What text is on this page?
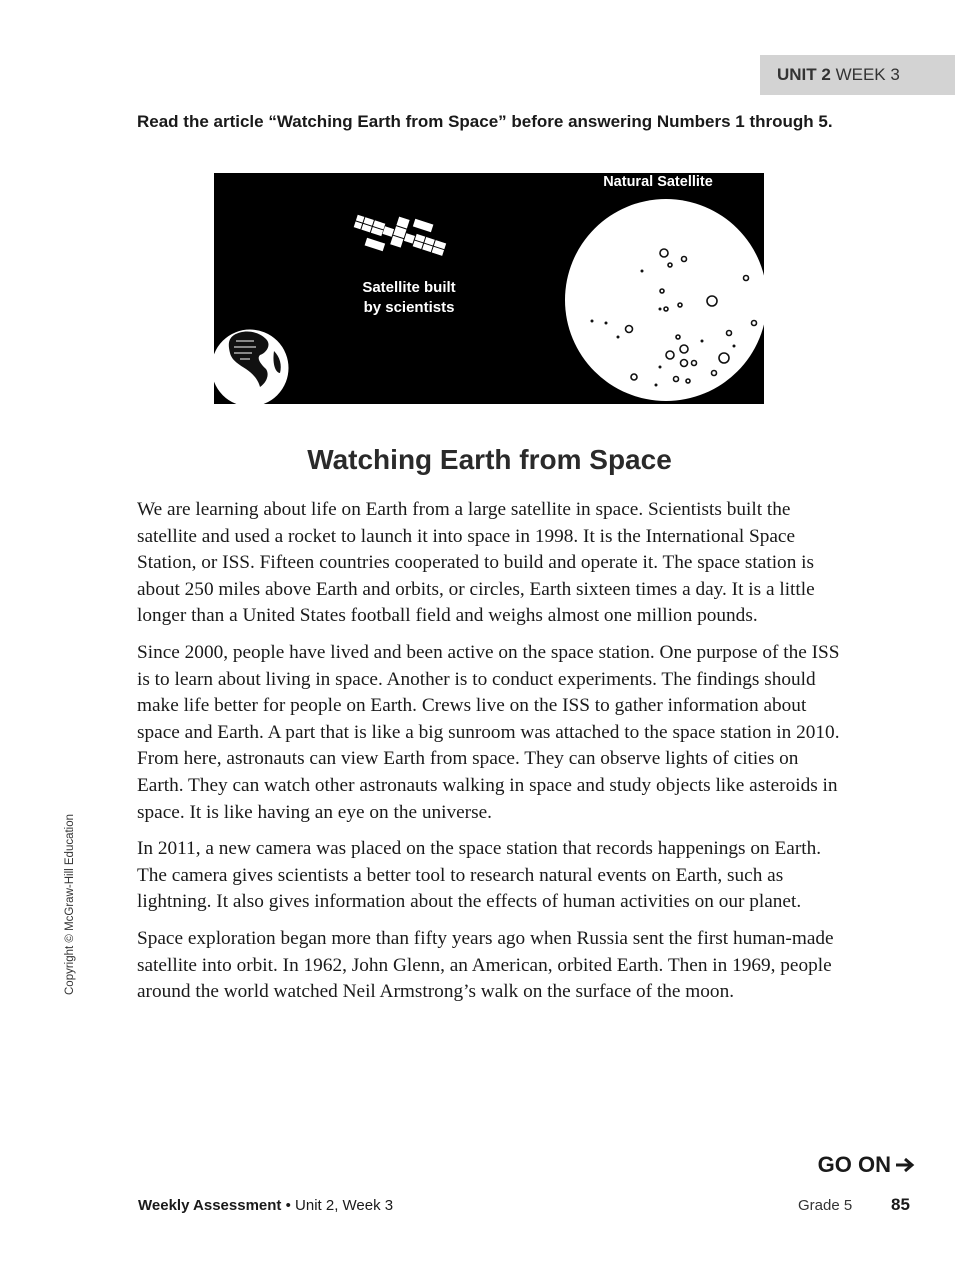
UNIT 2 WEEK 3
Read the article “Watching Earth from Space” before answering Numbers 1 through 5.
Satellite built
by scientists
Natural Satellite
Watching Earth from Space

We are learning about life on Earth from a large satellite in space. Scientists built the satellite and used a rocket to launch it into space in 1998. It is the International Space Station, or ISS. Fifteen countries cooperated to build and operate it. The space station is about 250 miles above Earth and orbits, or circles, Earth sixteen times a day. It is a little longer than a United States football field and weighs almost one million pounds.

Since 2000, people have lived and been active on the space station. One purpose of the ISS is to learn about living in space. Another is to conduct experiments. The findings should make life better for people on Earth. Crews live on the ISS to gather information about space and Earth. A part that is like a big sunroom was attached to the space station in 2010. From here, astronauts can view Earth from space. They can observe lights of cities on Earth. They can watch other astronauts walking in space and study objects like asteroids in space. It is like having an eye on the universe.

In 2011, a new camera was placed on the space station that records happenings on Earth. The camera gives scientists a better tool to research natural events on Earth, such as lightning. It also gives information about the effects of human activities on our planet.

Space exploration began more than fifty years ago when Russia sent the first human-made satellite into orbit. In 1962, John Glenn, an American, orbited Earth. Then in 1969, people around the world watched Neil Armstrong’s walk on the surface of the moon.

Copyright © McGraw-Hill Education
GO ON
Weekly Assessment • Unit 2, Week 3	Grade 5 85
